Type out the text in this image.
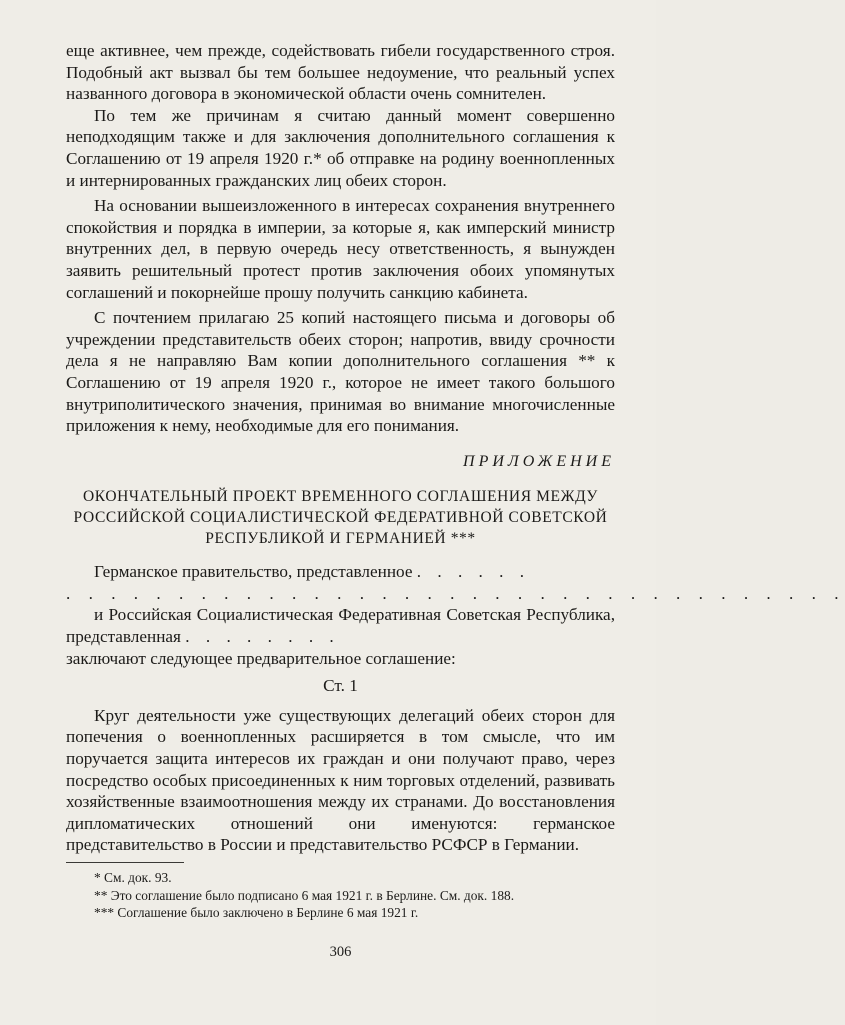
еще активнее, чем прежде, содействовать гибели государственного строя. Подобный акт вызвал бы тем большее недоумение, что реальный успех названного договора в экономической области очень сомнителен.

По тем же причинам я считаю данный момент совершенно неподходящим также и для заключения дополнительного соглашения к Соглашению от 19 апреля 1920 г.* об отправке на родину военнопленных и интернированных гражданских лиц обеих сторон.

На основании вышеизложенного в интересах сохранения внутреннего спокойствия и порядка в империи, за которые я, как имперский министр внутренних дел, в первую очередь несу ответственность, я вынужден заявить решительный протест против заключения обоих упомянутых соглашений и покорнейше прошу получить санкцию кабинета.

С почтением прилагаю 25 копий настоящего письма и договоры об учреждении представительств обеих сторон; напротив, ввиду срочности дела я не направляю Вам копии дополнительного соглашения ** к Соглашению от 19 апреля 1920 г., которое не имеет такого большого внутриполитического значения, принимая во внимание многочисленные приложения к нему, необходимые для его понимания.

ПРИЛОЖЕНИЕ
ОКОНЧАТЕЛЬНЫЙ ПРОЕКТ ВРЕМЕННОГО СОГЛАШЕНИЯ МЕЖДУ РОССИЙСКОЙ СОЦИАЛИСТИЧЕСКОЙ ФЕДЕРАТИВНОЙ СОВЕТСКОЙ РЕСПУБЛИКОЙ И ГЕРМАНИЕЙ ***

Германское правительство, представленное . . . . . .

. . . . . . . . . . . . . . . . . . . . . . . . . . . . . . . . . . .

и Российская Социалистическая Федеративная Советская Республика, представленная . . . . . . . .

заключают следующее предварительное соглашение:

Ст. 1

Круг деятельности уже существующих делегаций обеих сторон для попечения о военнопленных расширяется в том смысле, что им поручается защита интересов их граждан и они получают право, через посредство особых присоединенных к ним торговых отделений, развивать хозяйственные взаимоотношения между их странами. До восстановления дипломатических отношений они именуются: германское представительство в России и представительство РСФСР в Германии.

* См. док. 93.

** Это соглашение было подписано 6 мая 1921 г. в Берлине. См. док. 188.

*** Соглашение было заключено в Берлине 6 мая 1921 г.

306
